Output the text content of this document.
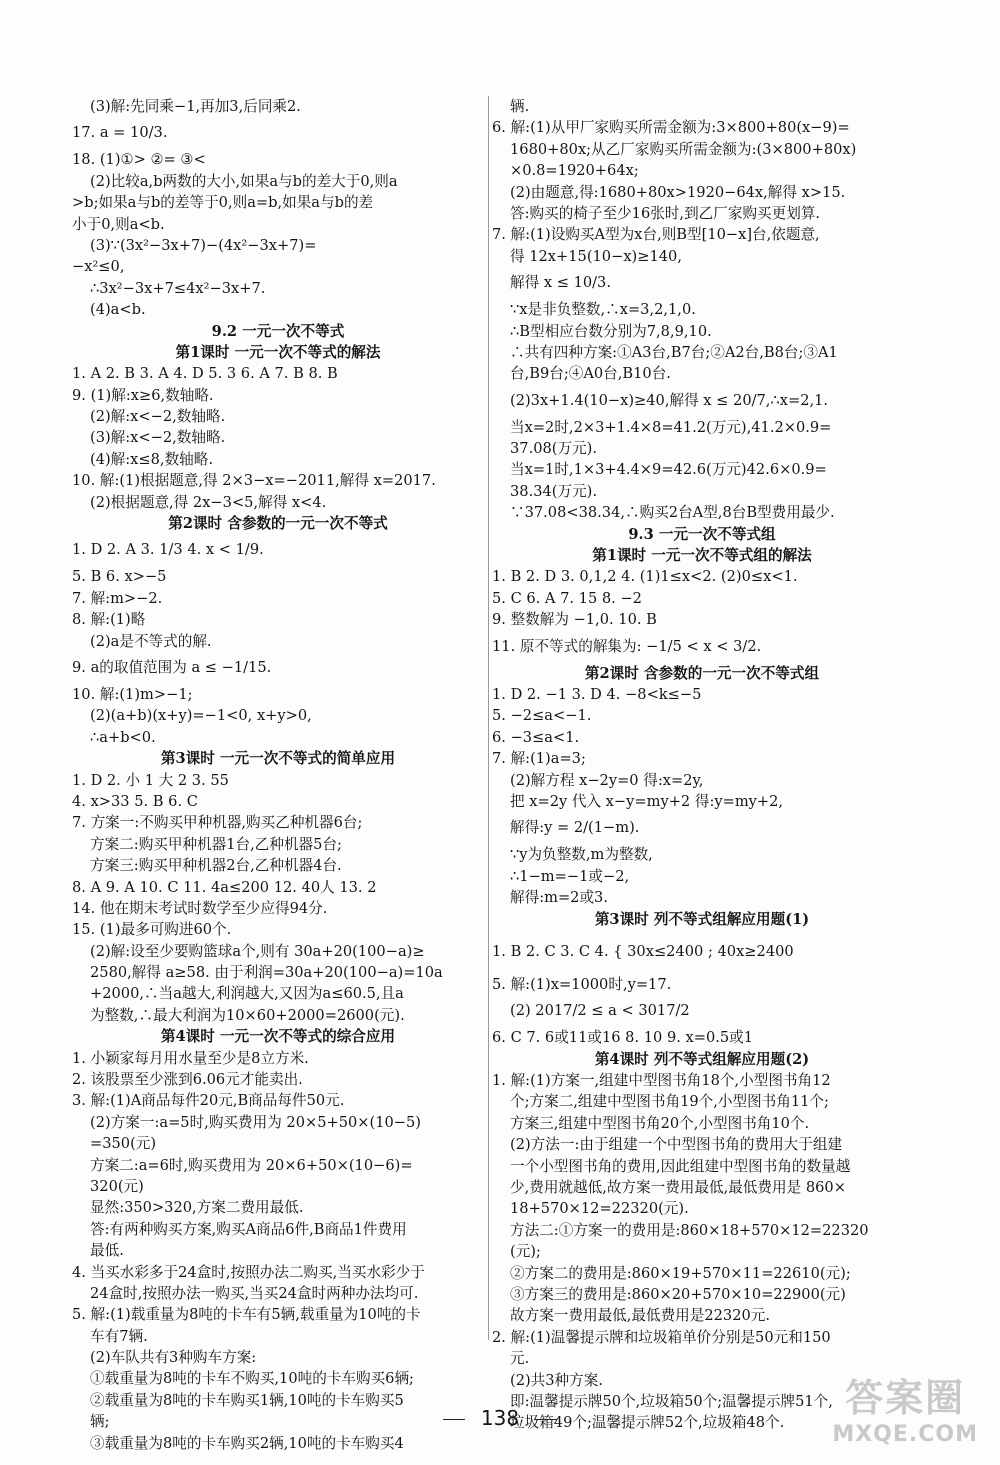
(3)解:先同乘−1,再加3,后同乘2.
17. a = 10/3.
18. (1)①> ②= ③<
(2)比较a,b两数的大小,如果a与b的差大于0,则a
>b;如果a与b的差等于0,则a=b,如果a与b的差
小于0,则a<b.
(3)∵(3x²−3x+7)−(4x²−3x+7)=
−x²≤0,
∴3x²−3x+7≤4x²−3x+7.
(4)a<b.
9.2 一元一次不等式
第1课时 一元一次不等式的解法
1. A 2. B 3. A 4. D 5. 3 6. A 7. B 8. B
9. (1)解:x≥6,数轴略.
(2)解:x<−2,数轴略.
(3)解:x<−2,数轴略.
(4)解:x≤8,数轴略.
10. 解:(1)根据题意,得 2×3−x=−2011,解得 x=2017.
(2)根据题意,得 2x−3<5,解得 x<4.
第2课时 含参数的一元一次不等式
1. D 2. A 3. 1/3 4. x < 1/9.
5. B 6. x>−5
7. 解:m>−2.
8. 解:(1)略
(2)a是不等式的解.
9. a的取值范围为 a ≤ −1/15.
10. 解:(1)m>−1;
(2)(a+b)(x+y)=−1<0, x+y>0,
∴a+b<0.
第3课时 一元一次不等式的简单应用
1. D 2. 小 1 大 2 3. 55
4. x>33 5. B 6. C
7. 方案一:不购买甲种机器,购买乙种机器6台;
方案二:购买甲种机器1台,乙种机器5台;
方案三:购买甲种机器2台,乙种机器4台.
8. A 9. A 10. C 11. 4a≤200 12. 40人 13. 2
14. 他在期末考试时数学至少应得94分.
15. (1)最多可购进60个.
(2)解:设至少要购篮球a个,则有 30a+20(100−a)≥
2580,解得 a≥58. 由于利润=30a+20(100−a)=10a
+2000,∴当a越大,利润越大,又因为a≤60.5,且a
为整数,∴最大利润为10×60+2000=2600(元).
第4课时 一元一次不等式的综合应用
1. 小颖家每月用水量至少是8立方米.
2. 该股票至少涨到6.06元才能卖出.
3. 解:(1)A商品每件20元,B商品每件50元.
(2)方案一:a=5时,购买费用为 20×5+50×(10−5)
=350(元)
方案二:a=6时,购买费用为 20×6+50×(10−6)=
320(元)
显然:350>320,方案二费用最低.
答:有两种购买方案,购买A商品6件,B商品1件费用
最低.
4. 当买水彩多于24盒时,按照办法二购买,当买水彩少于
24盒时,按照办法一购买,当买24盒时两种办法均可.
5. 解:(1)载重量为8吨的卡车有5辆,载重量为10吨的卡
车有7辆.
(2)车队共有3种购车方案:
①载重量为8吨的卡车不购买,10吨的卡车购买6辆;
②载重量为8吨的卡车购买1辆,10吨的卡车购买5
辆;
③载重量为8吨的卡车购买2辆,10吨的卡车购买4
辆.
6. 解:(1)从甲厂家购买所需金额为:3×800+80(x−9)=
1680+80x;从乙厂家购买所需金额为:(3×800+80x)
×0.8=1920+64x;
(2)由题意,得:1680+80x>1920−64x,解得 x>15.
答:购买的椅子至少16张时,到乙厂家购买更划算.
7. 解:(1)设购买A型为x台,则B型[10−x]台,依题意,
得 12x+15(10−x)≥140,
解得 x ≤ 10/3.
∵x是非负整数,∴x=3,2,1,0.
∴B型相应台数分别为7,8,9,10.
∴共有四种方案:①A3台,B7台;②A2台,B8台;③A1
台,B9台;④A0台,B10台.
(2)3x+1.4(10−x)≥40,解得 x ≤ 20/7,∴x=2,1.
当x=2时,2×3+1.4×8=41.2(万元),41.2×0.9=
37.08(万元).
当x=1时,1×3+4.4×9=42.6(万元)42.6×0.9=
38.34(万元).
∵37.08<38.34,∴购买2台A型,8台B型费用最少.
9.3 一元一次不等式组
第1课时 一元一次不等式组的解法
1. B 2. D 3. 0,1,2 4. (1)1≤x<2. (2)0≤x<1.
5. C 6. A 7. 15 8. −2
9. 整数解为 −1,0. 10. B
11. 原不等式的解集为: −1/5 < x < 3/2.
第2课时 含参数的一元一次不等式组
1. D 2. −1 3. D 4. −8<k≤−5
5. −2≤a<−1.
6. −3≤a<1.
7. 解:(1)a=3;
(2)解方程 x−2y=0 得:x=2y,
把 x=2y 代入 x−y=my+2 得:y=my+2,
解得:y = 2/(1−m).
∵y为负整数,m为整数,
∴1−m=−1或−2,
解得:m=2或3.
第3课时 列不等式组解应用题(1)
1. B 2. C 3. C 4. { 30x≤2400 ; 40x≥2400
5. 解:(1)x=1000时,y=17.
(2) 2017/2 ≤ a < 3017/2
6. C 7. 6或11或16 8. 10 9. x=0.5或1
第4课时 列不等式组解应用题(2)
1. 解:(1)方案一,组建中型图书角18个,小型图书角12
个;方案二,组建中型图书角19个,小型图书角11个;
方案三,组建中型图书角20个,小型图书角10个.
(2)方法一:由于组建一个中型图书角的费用大于组建
一个小型图书角的费用,因此组建中型图书角的数量越
少,费用就越低,故方案一费用最低,最低费用是 860×
18+570×12=22320(元).
方法二:①方案一的费用是:860×18+570×12=22320
(元);
②方案二的费用是:860×19+570×11=22610(元);
③方案三的费用是:860×20+570×10=22900(元)
故方案一费用最低,最低费用是22320元.
2. 解:(1)温馨提示牌和垃圾箱单价分别是50元和150
元.
(2)共3种方案.
即:温馨提示牌50个,垃圾箱50个;温馨提示牌51个,
垃圾箱49个;温馨提示牌52个,垃圾箱48个.
138	答案圈
MXQE.COM
